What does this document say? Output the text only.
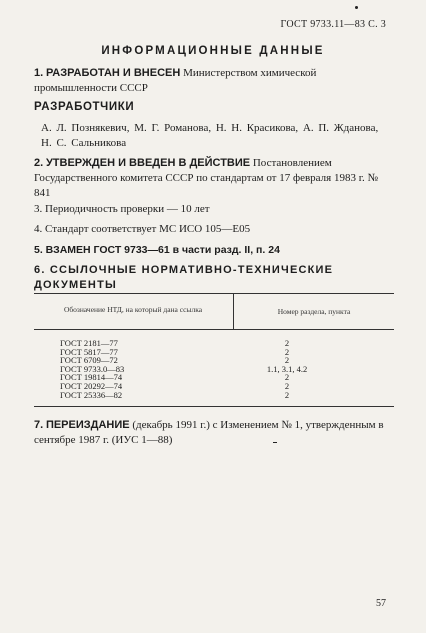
ГОСТ 9733.11—83 С. 3
ИНФОРМАЦИОННЫЕ ДАННЫЕ
1. РАЗРАБОТАН И ВНЕСЕН Министерством химической промышленности СССР
РАЗРАБОТЧИКИ
А. Л. Познякевич, М. Г. Романова, Н. Н. Красикова, А. П. Жданова, Н. С. Сальникова
2. УТВЕРЖДЕН И ВВЕДЕН В ДЕЙСТВИЕ Постановлением Государственного комитета СССР по стандартам от 17 февраля 1983 г. № 841
3. Периодичность проверки — 10 лет
4. Стандарт соответствует МС ИСО 105—Е05
5. ВЗАМЕН ГОСТ 9733—61 в части разд. II, п. 24
6. ССЫЛОЧНЫЕ НОРМАТИВНО-ТЕХНИЧЕСКИЕ ДОКУМЕНТЫ
Обозначение НТД, на который дана ссылка	Номер раздела, пункта
ГОСТ 2181—77	2
ГОСТ 5817—77	2
ГОСТ 6709—72	2
ГОСТ 9733.0—83	1.1, 3.1, 4.2
ГОСТ 19814—74	2
ГОСТ 20292—74	2
ГОСТ 25336—82	2
7. ПЕРЕИЗДАНИЕ (декабрь 1991 г.) с Изменением № 1, утвержденным в сентябре 1987 г. (ИУС 1—88)
57
